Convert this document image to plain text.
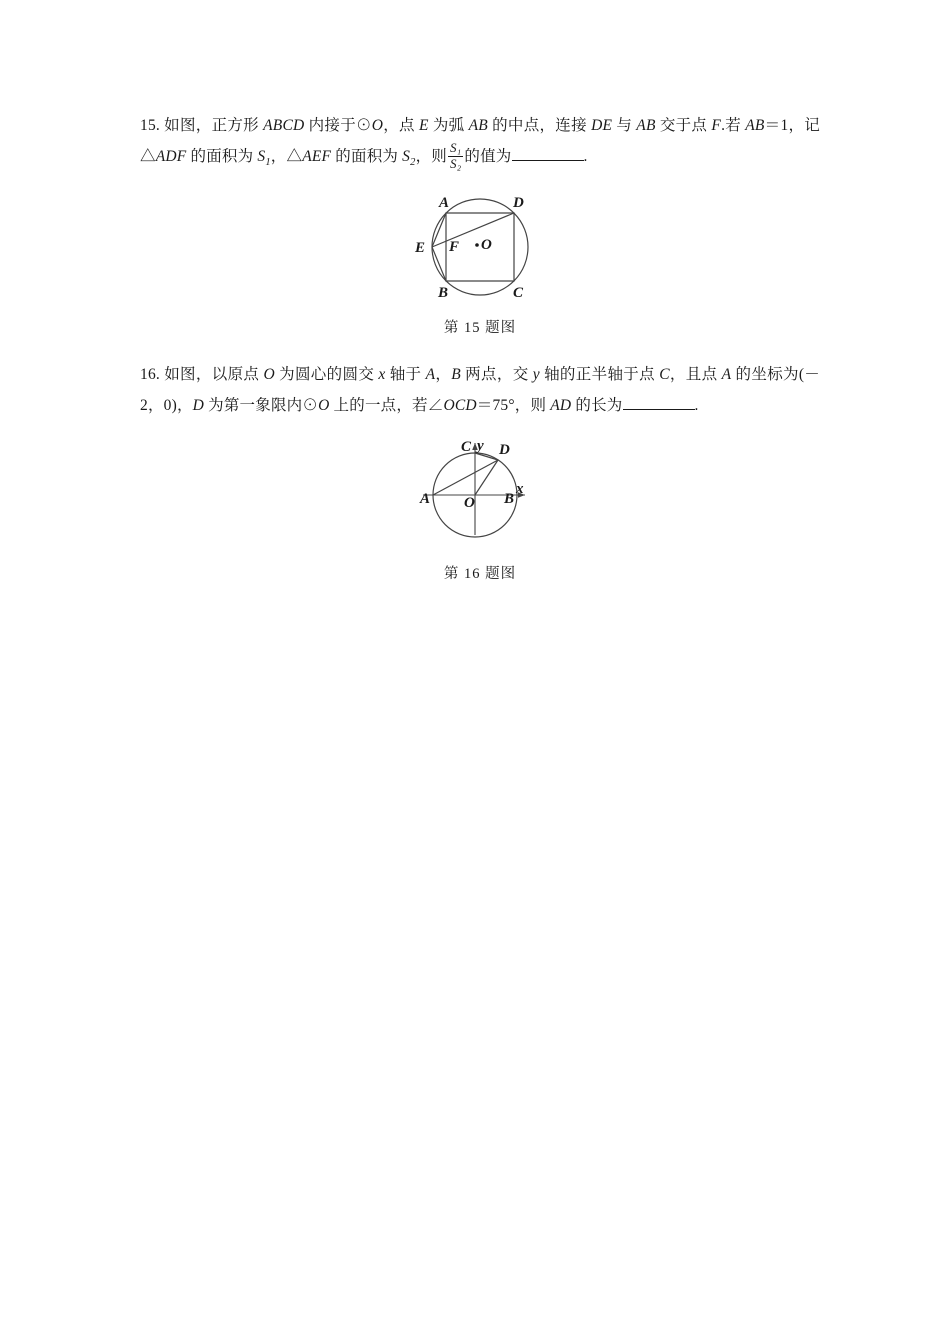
15. 如图，正方形 ABCD 内接于⊙O，点 E 为弧 AB 的中点，连接 DE 与 AB 交于点 F.若 AB＝1，记△ADF 的面积为 $S_1$，△AEF 的面积为 $S_2$，则 $\frac{\text{S₁}}{\text{S₂}}$ 的值为	.
A
B	C
D
E F O
第 15 题图
16. 如图，以原点 O 为圆心的圆交 x 轴于 A，B 两点，交 y 轴的正半轴于点 C，且点 A 的坐标为(－2，0)，D 为第一象限内⊙O 上的一点，若∠OCD＝75°，则 AD 的长为	.
C D
A	B
O
x
y
第 16 题图
